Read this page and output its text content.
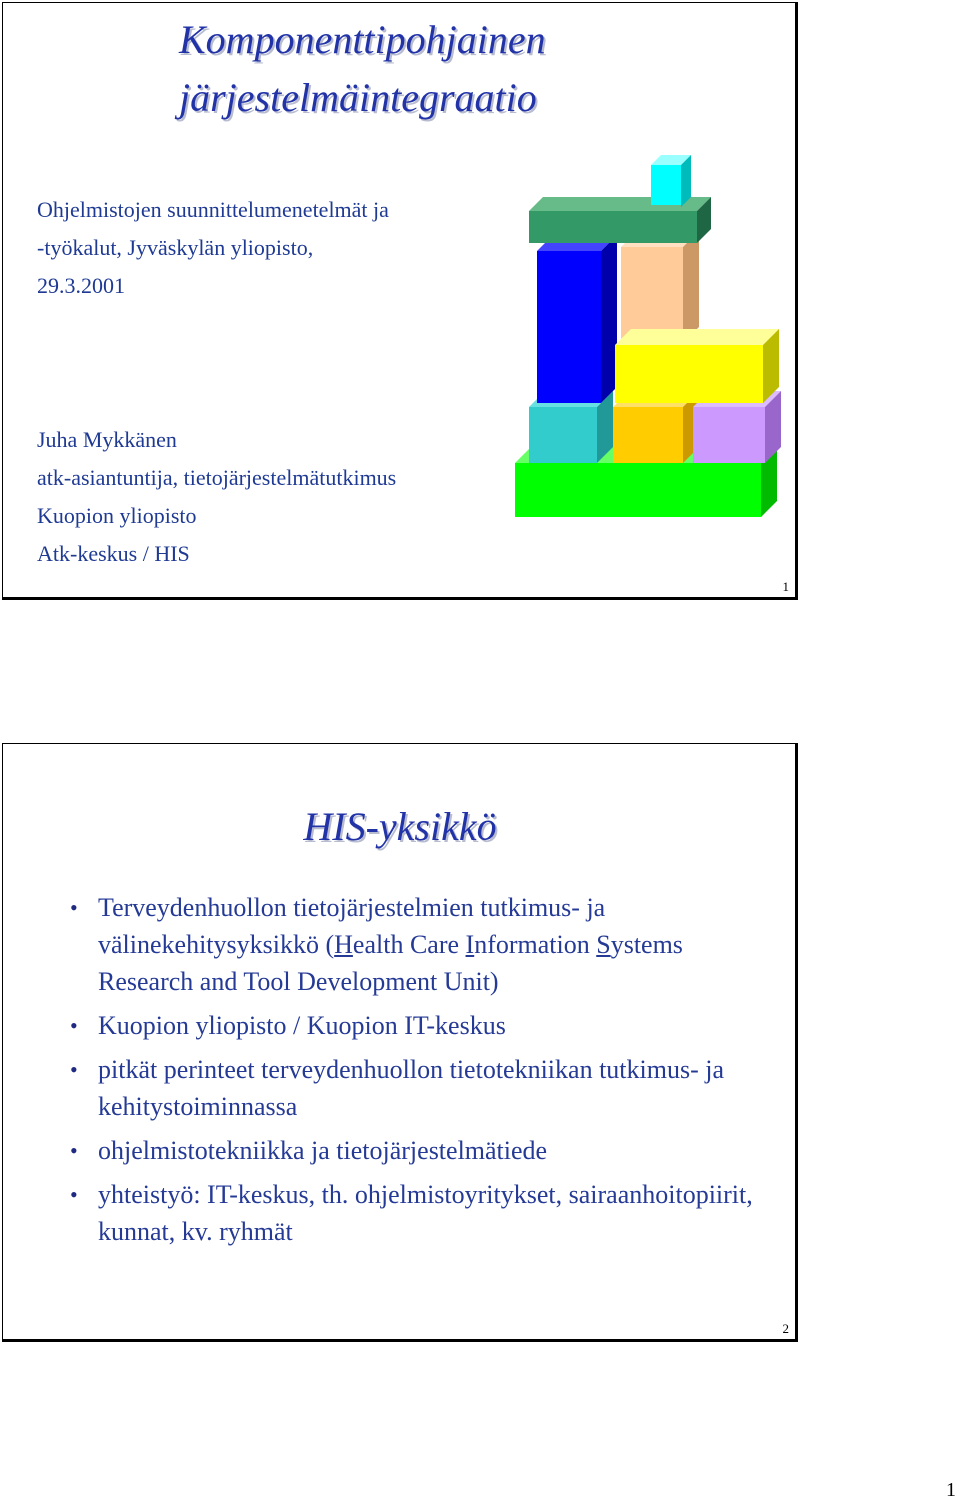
Komponenttipohjainen
järjestelmäintegraatio
Ohjelmistojen suunnittelumenetelmät ja
-työkalut, Jyväskylän yliopisto,
29.3.2001
Juha Mykkänen
atk-asiantuntija, tietojärjestelmätutkimus
Kuopion yliopisto
Atk-keskus / HIS
1
2
HIS-yksikkö
• Terveydenhuollon tietojärjestelmien tutkimus- ja välinekehitysyksikkö (Health Care Information Systems Research and Tool Development Unit)
• Kuopion yliopisto / Kuopion IT-keskus
• pitkät perinteet terveydenhuollon tietotekniikan tutkimus- ja kehitystoiminnassa
• ohjelmistotekniikka ja tietojärjestelmätiede
• yhteistyö: IT-keskus, th. ohjelmistoyritykset, sairaanhoitopiirit, kunnat, kv. ryhmät
1
